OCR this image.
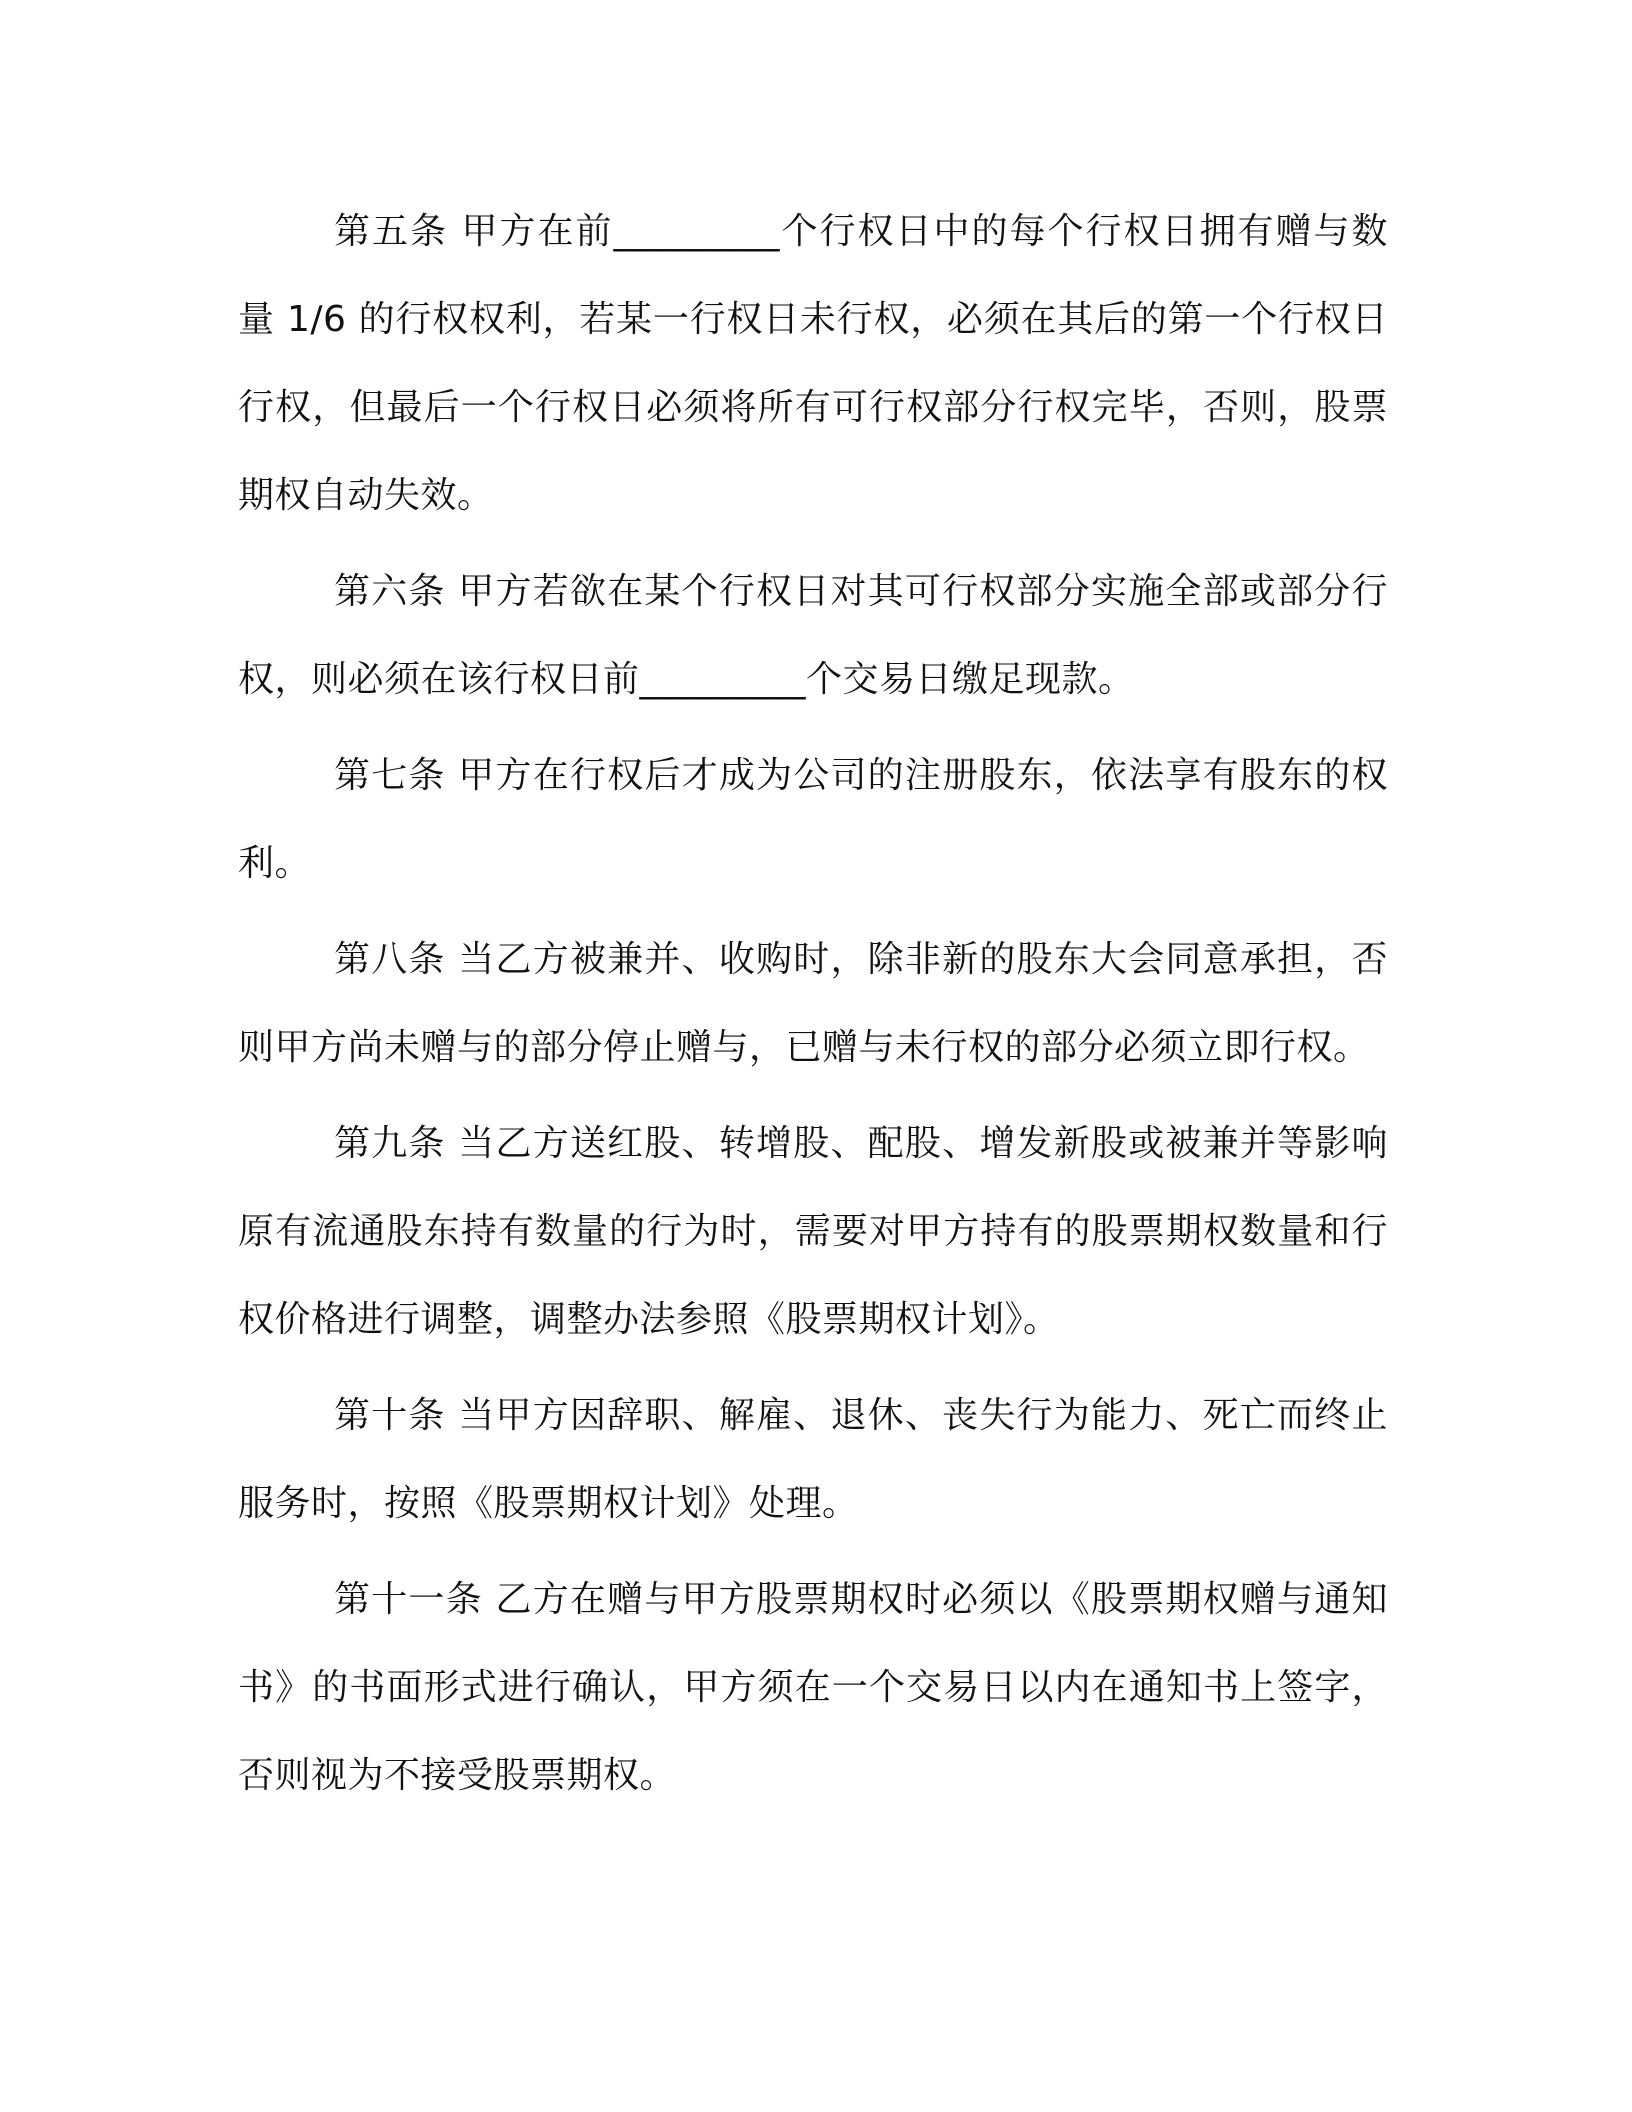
第五条 甲方在前_________个行权日中的每个行权日拥有赠与数量 1/6 的行权权利，若某一行权日未行权，必须在其后的第一个行权日行权，但最后一个行权日必须将所有可行权部分行权完毕，否则，股票期权自动失效。

第六条 甲方若欲在某个行权日对其可行权部分实施全部或部分行权，则必须在该行权日前_________个交易日缴足现款。

第七条 甲方在行权后才成为公司的注册股东，依法享有股东的权利。

第八条 当乙方被兼并、收购时，除非新的股东大会同意承担，否则甲方尚未赠与的部分停止赠与，已赠与未行权的部分必须立即行权。

第九条 当乙方送红股、转增股、配股、增发新股或被兼并等影响原有流通股东持有数量的行为时，需要对甲方持有的股票期权数量和行权价格进行调整，调整办法参照《股票期权计划》。

第十条 当甲方因辞职、解雇、退休、丧失行为能力、死亡而终止服务时，按照《股票期权计划》处理。

第十一条 乙方在赠与甲方股票期权时必须以《股票期权赠与通知书》的书面形式进行确认，甲方须在一个交易日以内在通知书上签字，否则视为不接受股票期权。
